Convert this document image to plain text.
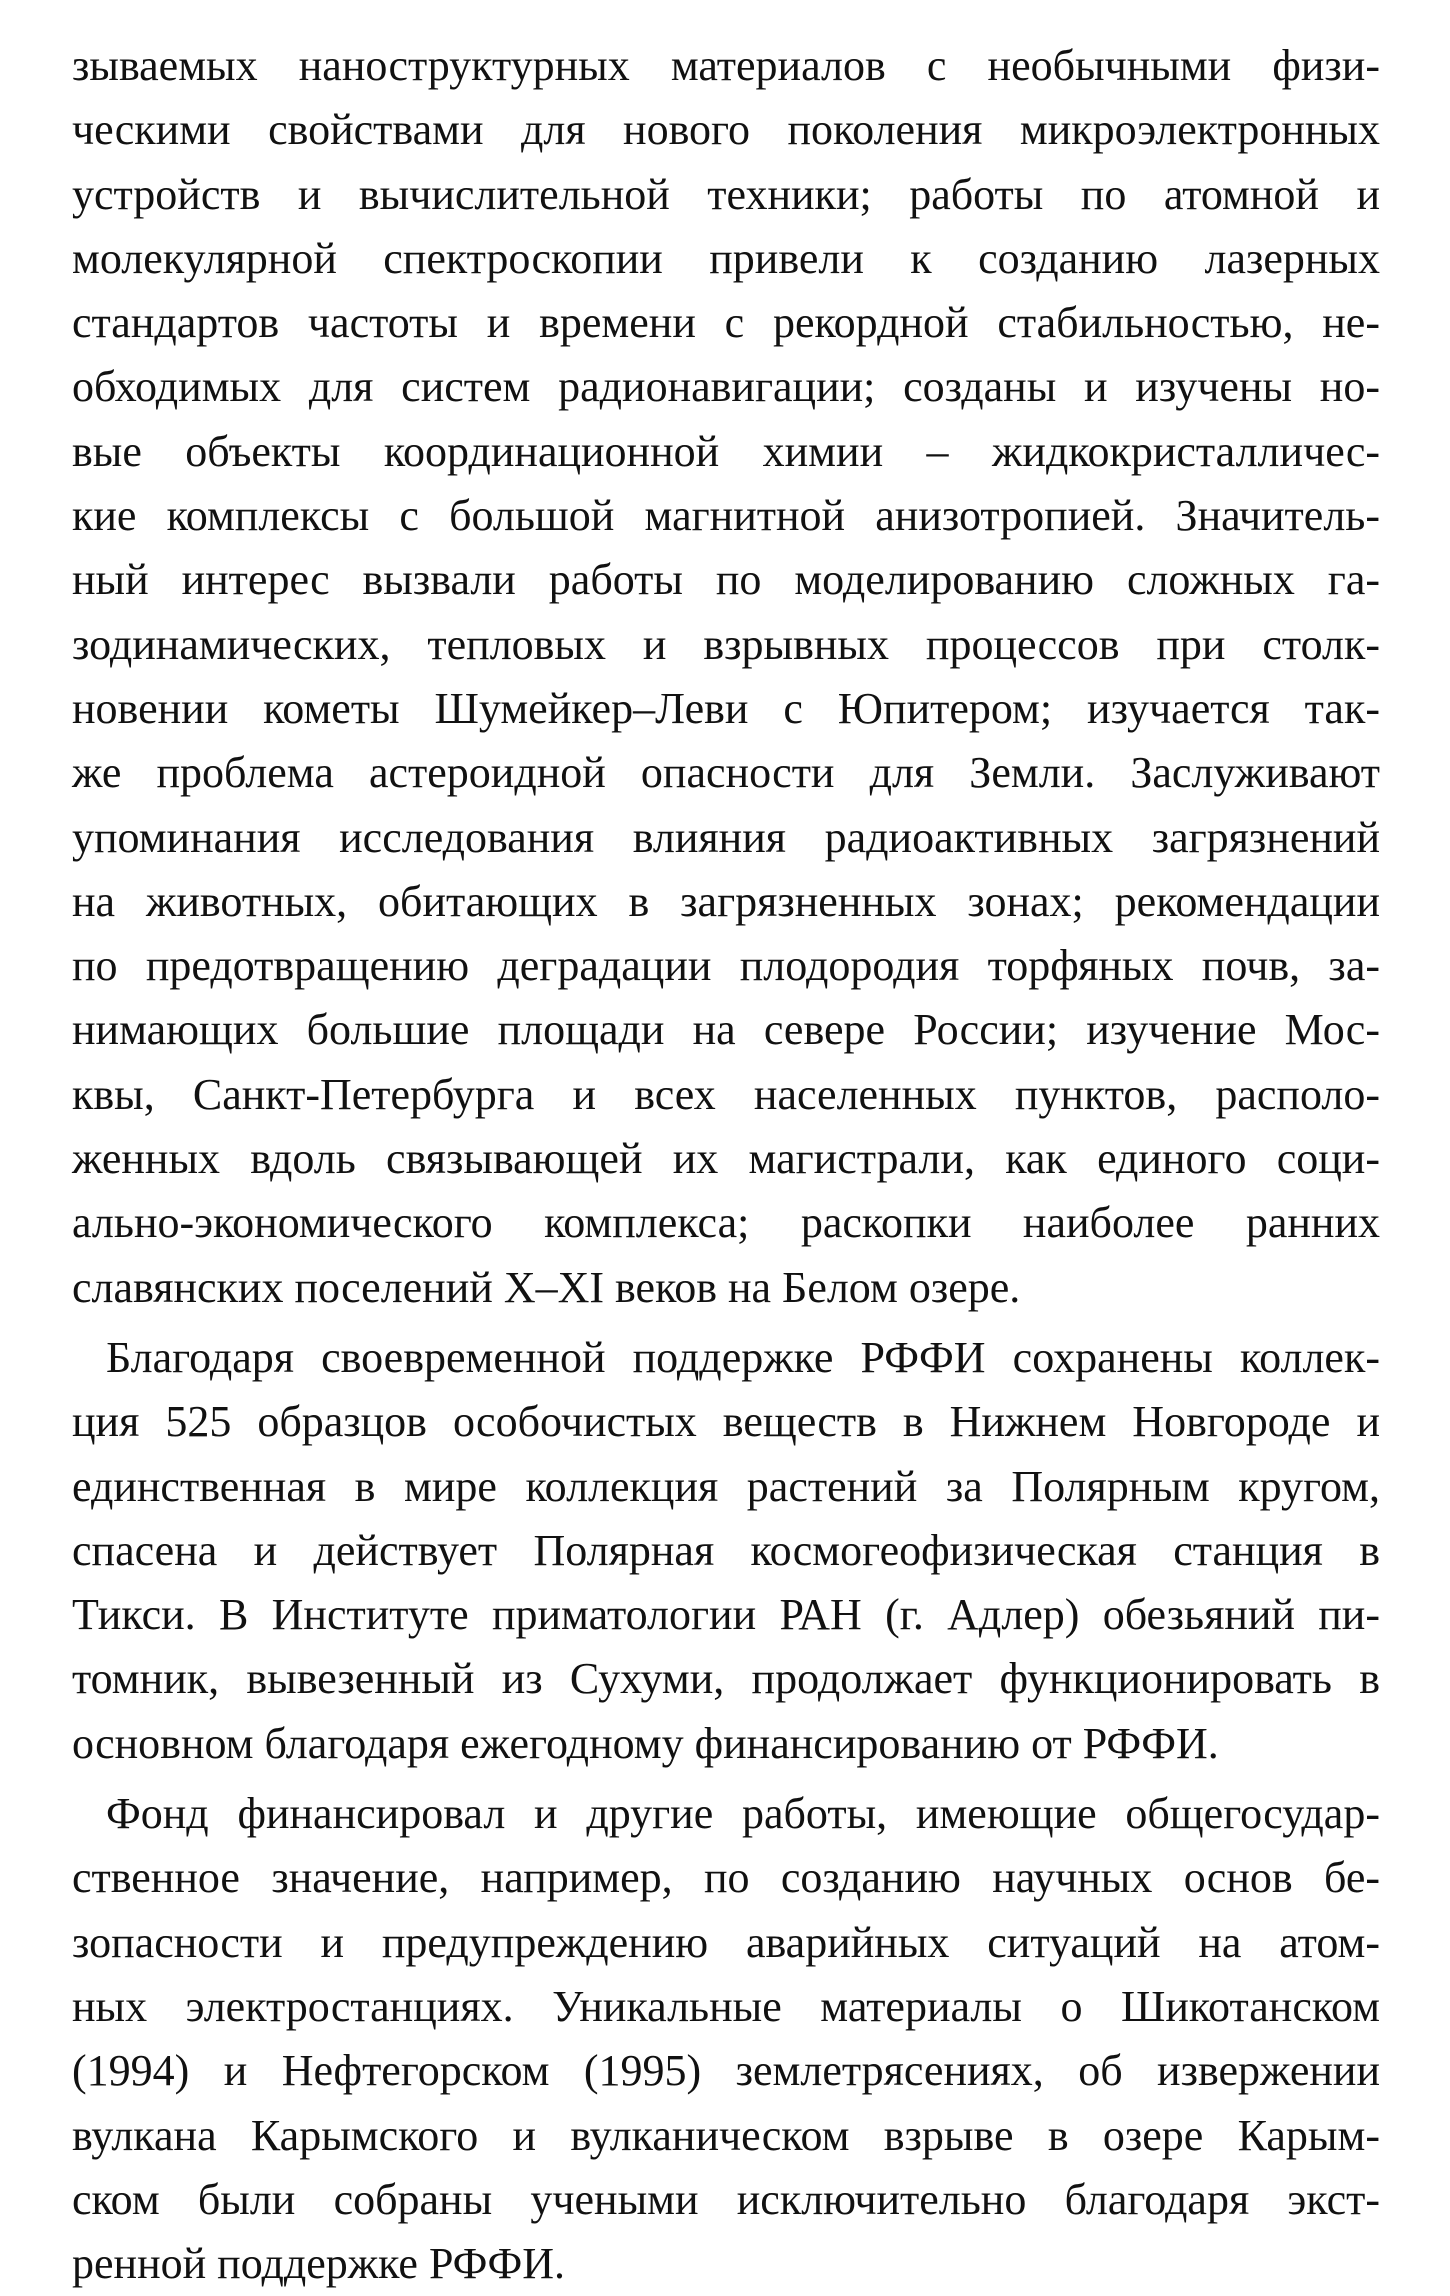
зываемых наноструктурных материалов с необычными физи-
ческими свойствами для нового поколения микроэлектронных
устройств и вычислительной техники; работы по атомной и
молекулярной спектроскопии привели к созданию лазерных
стандартов частоты и времени с рекордной стабильностью, не-
обходимых для систем радионавигации; созданы и изучены но-
вые объекты координационной химии – жидкокристалличес-
кие комплексы с большой магнитной анизотропией. Значитель-
ный интерес вызвали работы по моделированию сложных га-
зодинамических, тепловых и взрывных процессов при столк-
новении кометы Шумейкер–Леви с Юпитером; изучается так-
же проблема астероидной опасности для Земли. Заслуживают
упоминания исследования влияния радиоактивных загрязнений
на животных, обитающих в загрязненных зонах; рекомендации
по предотвращению деградации плодородия торфяных почв, за-
нимающих большие площади на севере России; изучение Мос-
квы, Санкт-Петербурга и всех населенных пунктов, располо-
женных вдоль связывающей их магистрали, как единого соци-
ально-экономического комплекса; раскопки наиболее ранних
славянских поселений X–XI веков на Белом озере.
Благодаря своевременной поддержке РФФИ сохранены коллек-
ция 525 образцов особочистых веществ в Нижнем Новгороде и
единственная в мире коллекция растений за Полярным кругом,
спасена и действует Полярная космогеофизическая станция в
Тикси. В Институте приматологии РАН (г. Адлер) обезьяний пи-
томник, вывезенный из Сухуми, продолжает функционировать в
основном благодаря ежегодному финансированию от РФФИ.
Фонд финансировал и другие работы, имеющие общегосудар-
ственное значение, например, по созданию научных основ бе-
зопасности и предупреждению аварийных ситуаций на атом-
ных электростанциях. Уникальные материалы о Шикотанском
(1994) и Нефтегорском (1995) землетрясениях, об извержении
вулкана Карымского и вулканическом взрыве в озере Карым-
ском были собраны учеными исключительно благодаря экст-
ренной поддержке РФФИ.
